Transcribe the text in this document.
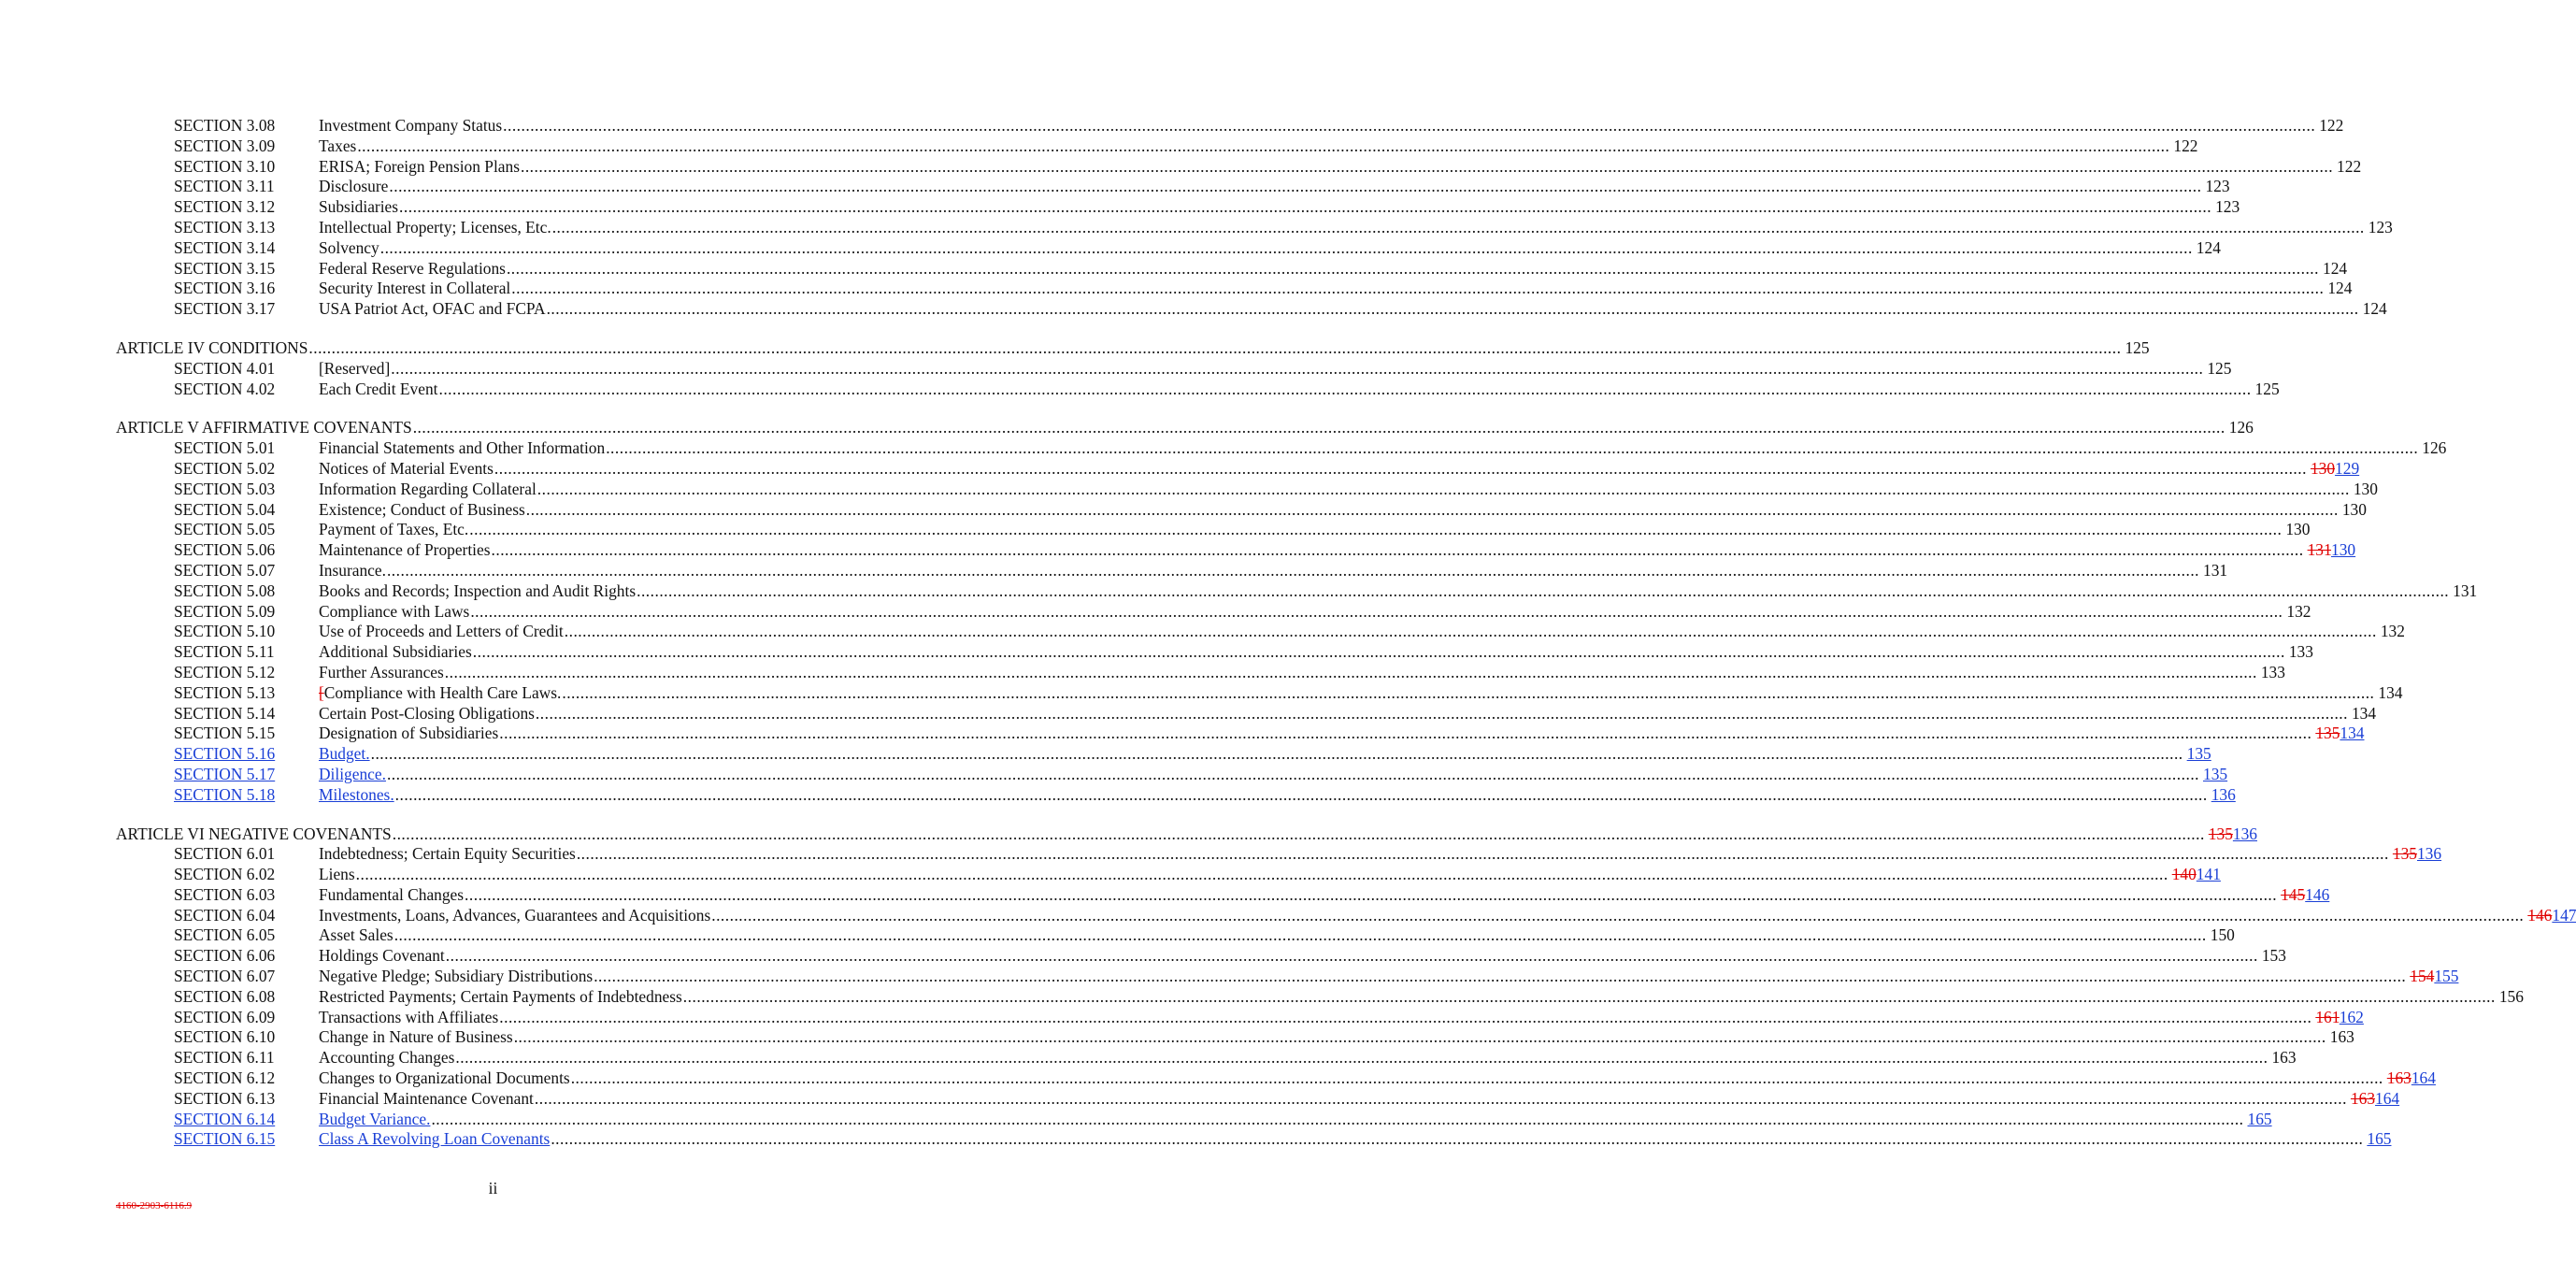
SECTION 3.08	Investment Company Status ................................................................................................................................................................................................................................................................................................................................................................................................................ 122
SECTION 3.09	Taxes ................................................................................................................................................................................................................................................................................................................................................................................................................ 122
SECTION 3.10	ERISA; Foreign Pension Plans ................................................................................................................................................................................................................................................................................................................................................................................................................ 122
SECTION 3.11	Disclosure ................................................................................................................................................................................................................................................................................................................................................................................................................ 123
SECTION 3.12	Subsidiaries ................................................................................................................................................................................................................................................................................................................................................................................................................ 123
SECTION 3.13	Intellectual Property; Licenses, Etc. ................................................................................................................................................................................................................................................................................................................................................................................................................ 123
SECTION 3.14	Solvency ................................................................................................................................................................................................................................................................................................................................................................................................................ 124
SECTION 3.15	Federal Reserve Regulations ................................................................................................................................................................................................................................................................................................................................................................................................................ 124
SECTION 3.16	Security Interest in Collateral ................................................................................................................................................................................................................................................................................................................................................................................................................ 124
SECTION 3.17	USA Patriot Act, OFAC and FCPA ................................................................................................................................................................................................................................................................................................................................................................................................................ 124
ARTICLE IV CONDITIONS ................................................................................................................................................................................................................................................................................................................................................................................................................ 125
SECTION 4.01	[Reserved] ................................................................................................................................................................................................................................................................................................................................................................................................................ 125
SECTION 4.02	Each Credit Event ................................................................................................................................................................................................................................................................................................................................................................................................................ 125
ARTICLE V AFFIRMATIVE COVENANTS ................................................................................................................................................................................................................................................................................................................................................................................................................ 126
SECTION 5.01	Financial Statements and Other Information ................................................................................................................................................................................................................................................................................................................................................................................................................ 126
SECTION 5.02	Notices of Material Events ................................................................................................................................................................................................................................................................................................................................................................................................................ 130129
SECTION 5.03	Information Regarding Collateral ................................................................................................................................................................................................................................................................................................................................................................................................................ 130
SECTION 5.04	Existence; Conduct of Business ................................................................................................................................................................................................................................................................................................................................................................................................................ 130
SECTION 5.05	Payment of Taxes, Etc. ................................................................................................................................................................................................................................................................................................................................................................................................................ 130
SECTION 5.06	Maintenance of Properties ................................................................................................................................................................................................................................................................................................................................................................................................................ 131130
SECTION 5.07	Insurance. ................................................................................................................................................................................................................................................................................................................................................................................................................ 131
SECTION 5.08	Books and Records; Inspection and Audit Rights ................................................................................................................................................................................................................................................................................................................................................................................................................ 131
SECTION 5.09	Compliance with Laws ................................................................................................................................................................................................................................................................................................................................................................................................................ 132
SECTION 5.10	Use of Proceeds and Letters of Credit ................................................................................................................................................................................................................................................................................................................................................................................................................ 132
SECTION 5.11	Additional Subsidiaries ................................................................................................................................................................................................................................................................................................................................................................................................................ 133
SECTION 5.12	Further Assurances ................................................................................................................................................................................................................................................................................................................................................................................................................ 133
SECTION 5.13	[Compliance with Health Care Laws. ................................................................................................................................................................................................................................................................................................................................................................................................................ 134
SECTION 5.14	Certain Post-Closing Obligations ................................................................................................................................................................................................................................................................................................................................................................................................................ 134
SECTION 5.15	Designation of Subsidiaries ................................................................................................................................................................................................................................................................................................................................................................................................................ 135134
SECTION 5.16	Budget. ................................................................................................................................................................................................................................................................................................................................................................................................................ 135
SECTION 5.17	Diligence. ................................................................................................................................................................................................................................................................................................................................................................................................................ 135
SECTION 5.18	Milestones. ................................................................................................................................................................................................................................................................................................................................................................................................................ 136
ARTICLE VI NEGATIVE COVENANTS ................................................................................................................................................................................................................................................................................................................................................................................................................ 135136
SECTION 6.01	Indebtedness; Certain Equity Securities ................................................................................................................................................................................................................................................................................................................................................................................................................ 135136
SECTION 6.02	Liens ................................................................................................................................................................................................................................................................................................................................................................................................................ 140141
SECTION 6.03	Fundamental Changes ................................................................................................................................................................................................................................................................................................................................................................................................................ 145146
SECTION 6.04	Investments, Loans, Advances, Guarantees and Acquisitions ................................................................................................................................................................................................................................................................................................................................................................................................................ 146147
SECTION 6.05	Asset Sales ................................................................................................................................................................................................................................................................................................................................................................................................................ 150
SECTION 6.06	Holdings Covenant ................................................................................................................................................................................................................................................................................................................................................................................................................ 153
SECTION 6.07	Negative Pledge; Subsidiary Distributions ................................................................................................................................................................................................................................................................................................................................................................................................................ 154155
SECTION 6.08	Restricted Payments; Certain Payments of Indebtedness ................................................................................................................................................................................................................................................................................................................................................................................................................ 156
SECTION 6.09	Transactions with Affiliates ................................................................................................................................................................................................................................................................................................................................................................................................................ 161162
SECTION 6.10	Change in Nature of Business ................................................................................................................................................................................................................................................................................................................................................................................................................ 163
SECTION 6.11	Accounting Changes ................................................................................................................................................................................................................................................................................................................................................................................................................ 163
SECTION 6.12	Changes to Organizational Documents ................................................................................................................................................................................................................................................................................................................................................................................................................ 163164
SECTION 6.13	Financial Maintenance Covenant ................................................................................................................................................................................................................................................................................................................................................................................................................ 163164
SECTION 6.14	Budget Variance. ................................................................................................................................................................................................................................................................................................................................................................................................................ 165
SECTION 6.15	Class A Revolving Loan Covenants ................................................................................................................................................................................................................................................................................................................................................................................................................ 165
ii
4160-2903-6116.9
